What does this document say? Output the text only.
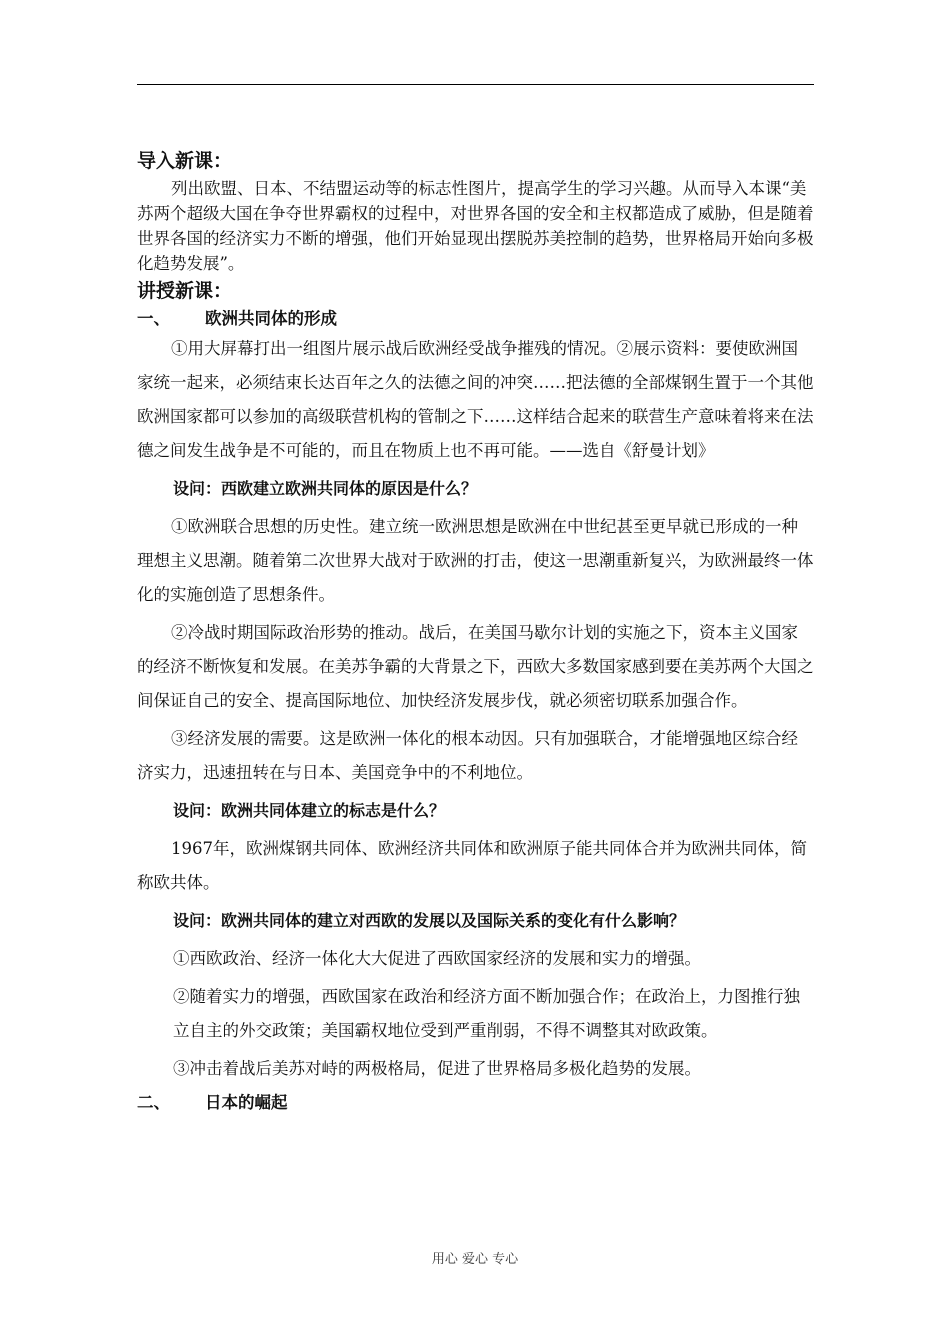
导入新课：

列出欧盟、日本、不结盟运动等的标志性图片，提高学生的学习兴趣。从而导入本课“美苏两个超级大国在争夺世界霸权的过程中，对世界各国的安全和主权都造成了威胁，但是随着世界各国的经济实力不断的增强，他们开始显现出摆脱苏美控制的趋势，世界格局开始向多极化趋势发展”。

讲授新课：

一、 欧洲共同体的形成

①用大屏幕打出一组图片展示战后欧洲经受战争摧残的情况。②展示资料：要使欧洲国家统一起来，必须结束长达百年之久的法德之间的冲突……把法德的全部煤钢生置于一个其他欧洲国家都可以参加的高级联营机构的管制之下……这样结合起来的联营生产意味着将来在法德之间发生战争是不可能的，而且在物质上也不再可能。——选自《舒曼计划》

设问：西欧建立欧洲共同体的原因是什么？

①欧洲联合思想的历史性。建立统一欧洲思想是欧洲在中世纪甚至更早就已形成的一种理想主义思潮。随着第二次世界大战对于欧洲的打击，使这一思潮重新复兴，为欧洲最终一体化的实施创造了思想条件。

②冷战时期国际政治形势的推动。战后，在美国马歇尔计划的实施之下，资本主义国家的经济不断恢复和发展。在美苏争霸的大背景之下，西欧大多数国家感到要在美苏两个大国之间保证自己的安全、提高国际地位、加快经济发展步伐，就必须密切联系加强合作。

③经济发展的需要。这是欧洲一体化的根本动因。只有加强联合，才能增强地区综合经济实力，迅速扭转在与日本、美国竞争中的不利地位。

设问：欧洲共同体建立的标志是什么？

1967年，欧洲煤钢共同体、欧洲经济共同体和欧洲原子能共同体合并为欧洲共同体，简称欧共体。

设问：欧洲共同体的建立对西欧的发展以及国际关系的变化有什么影响？

①西欧政治、经济一体化大大促进了西欧国家经济的发展和实力的增强。

②随着实力的增强，西欧国家在政治和经济方面不断加强合作；在政治上，力图推行独立自主的外交政策；美国霸权地位受到严重削弱，不得不调整其对欧政策。

③冲击着战后美苏对峙的两极格局，促进了世界格局多极化趋势的发展。

二、 日本的崛起

用心 爱心 专心
